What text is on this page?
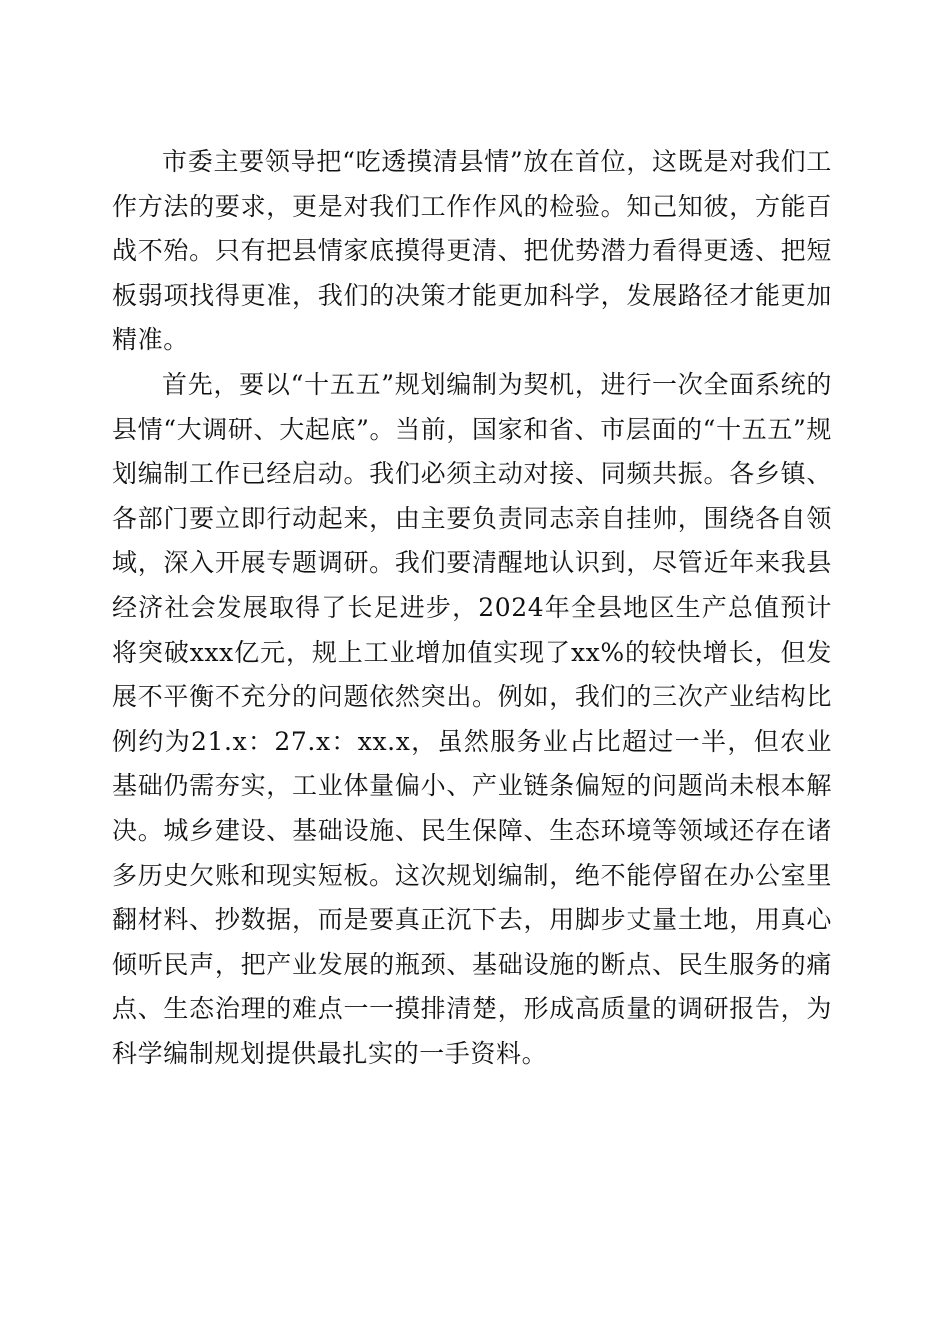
市委主要领导把“吃透摸清县情”放在首位，这既是对我们工作方法的要求，更是对我们工作作风的检验。知己知彼，方能百战不殆。只有把县情家底摸得更清、把优势潜力看得更透、把短板弱项找得更准，我们的决策才能更加科学，发展路径才能更加精准。

首先，要以“十五五”规划编制为契机，进行一次全面系统的县情“大调研、大起底”。当前，国家和省、市层面的“十五五”规划编制工作已经启动。我们必须主动对接、同频共振。各乡镇、各部门要立即行动起来，由主要负责同志亲自挂帅，围绕各自领域，深入开展专题调研。我们要清醒地认识到，尽管近年来我县经济社会发展取得了长足进步，2024年全县地区生产总值预计将突破xxx亿元，规上工业增加值实现了xx%的较快增长，但发展不平衡不充分的问题依然突出。例如，我们的三次产业结构比例约为21.x：27.x：xx.x，虽然服务业占比超过一半，但农业基础仍需夯实，工业体量偏小、产业链条偏短的问题尚未根本解决。城乡建设、基础设施、民生保障、生态环境等领域还存在诸多历史欠账和现实短板。这次规划编制，绝不能停留在办公室里翻材料、抄数据，而是要真正沉下去，用脚步丈量土地，用真心倾听民声，把产业发展的瓶颈、基础设施的断点、民生服务的痛点、生态治理的难点一一摸排清楚，形成高质量的调研报告，为科学编制规划提供最扎实的一手资料。
